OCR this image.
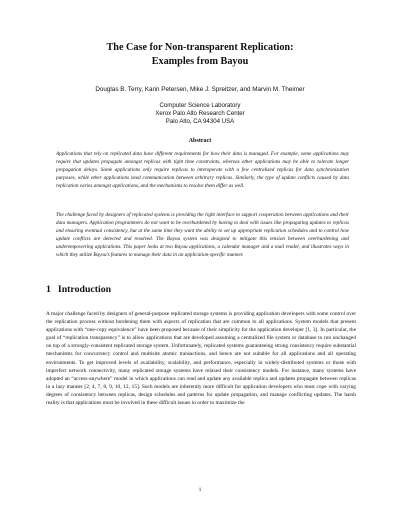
The Case for Non-transparent Replication:

Examples from Bayou

Douglas B. Terry, Karin Petersen, Mike J. Spreitzer, and Marvin M. Theimer

Computer Science Laboratory

Xerox Palo Alto Research Center

Palo Alto, CA 94304 USA

Abstract

Applications that rely on replicated data have different requirements for how their data is managed. For example, some applications may require that updates propagate amongst replicas with tight time constraints, whereas other applications may be able to tolerate longer propagation delays. Some applications only require replicas to interoperate with a few centralized replicas for data synchronization purposes, while other applications need communication between arbitrary replicas. Similarly, the type of update conflicts caused by data replication varies amongst applications, and the mechanisms to resolve them differ as well.

The challenge faced by designers of replicated systems is providing the right interface to support cooperation between applications and their data managers. Application programmers do not want to be overburdened by having to deal with issues like propagating updates to replicas and ensuring eventual consistency, but at the same time they want the ability to set up appropriate replication schedules and to control how update conflicts are detected and resolved. The Bayou system was designed to mitigate this tension between overburdening and underempowering applications. This paper looks at two Bayou applications, a calendar manager and a mail reader, and illustrates ways in which they utilize Bayou’s features to manage their data in an application-specific manner.

1 Introduction

A major challenge faced by designers of general-purpose replicated storage systems is providing application developers with some control over the replication process without burdening them with aspects of replication that are common to all applications. System models that present applications with “one-copy equivalence” have been proposed because of their simplicity for the application developer [1, 3]. In particular, the goal of “replication transparency” is to allow applications that are developed assuming a centralized file system or database to run unchanged on top of a strongly-consistent replicated storage system. Unfortunately, replicated systems guaranteeing strong consistency require substantial mechanisms for concurrency control and multisite atomic transactions, and hence are not suitable for all applications and all operating environments. To get improved levels of availability, scalability, and performance, especially in widely-distributed systems or those with imperfect network connectivity, many replicated storage systems have relaxed their consistency models. For instance, many systems have adopted an “access-anywhere” model in which applications can read and update any available replica and updates propagate between replicas in a lazy manner [2, 4, 7, 8, 9, 10, 12, 15]. Such models are inherently more difficult for application developers who must cope with varying degrees of consistency between replicas, design schedules and patterns for update propagation, and manage conflicting updates. The harsh reality is that applications must be involved in these difficult issues in order to maximize the

1
